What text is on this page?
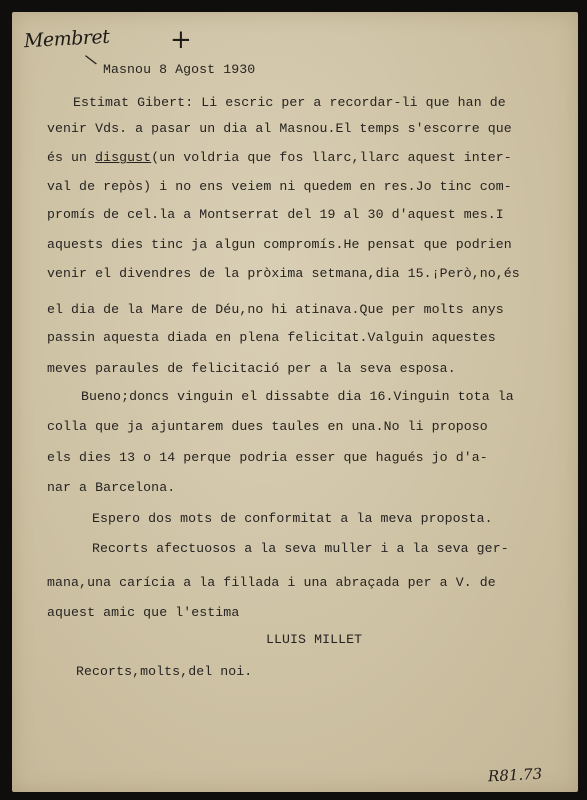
Membret +
\
Masnou 8 Agost 1930
Estimat Gibert: Li escric per a recordar-li que han de
venir Vds. a pasar un dia al Masnou.El temps s'escorre que
és un disgust(un voldria que fos llarc,llarc aquest inter-
val de repòs) i no ens veiem ni quedem en res.Jo tinc com-
promís de cel.la a Montserrat del 19 al 30 d'aquest mes.I
aquests dies tinc ja algun compromís.He pensat que podrien
venir el divendres de la pròxima setmana,dia 15.¡Però,no,és
el dia de la Mare de Déu,no hi atinava.Que per molts anys
passin aquesta diada en plena felicitat.Valguin aquestes
meves paraules de felicitació per a la seva esposa.
Bueno;doncs vinguin el dissabte dia 16.Vinguin tota la
colla que ja ajuntarem dues taules en una.No li proposo
els dies 13 o 14 perque podria esser que hagués jo d'a-
nar a Barcelona.
Espero dos mots de conformitat a la meva proposta.
Recorts afectuosos a la seva muller i a la seva ger-
mana,una carícia a la fillada i una abraçada per a V. de
aquest amic que l'estima
LLUIS MILLET
Recorts,molts,del noi.
R81.73
